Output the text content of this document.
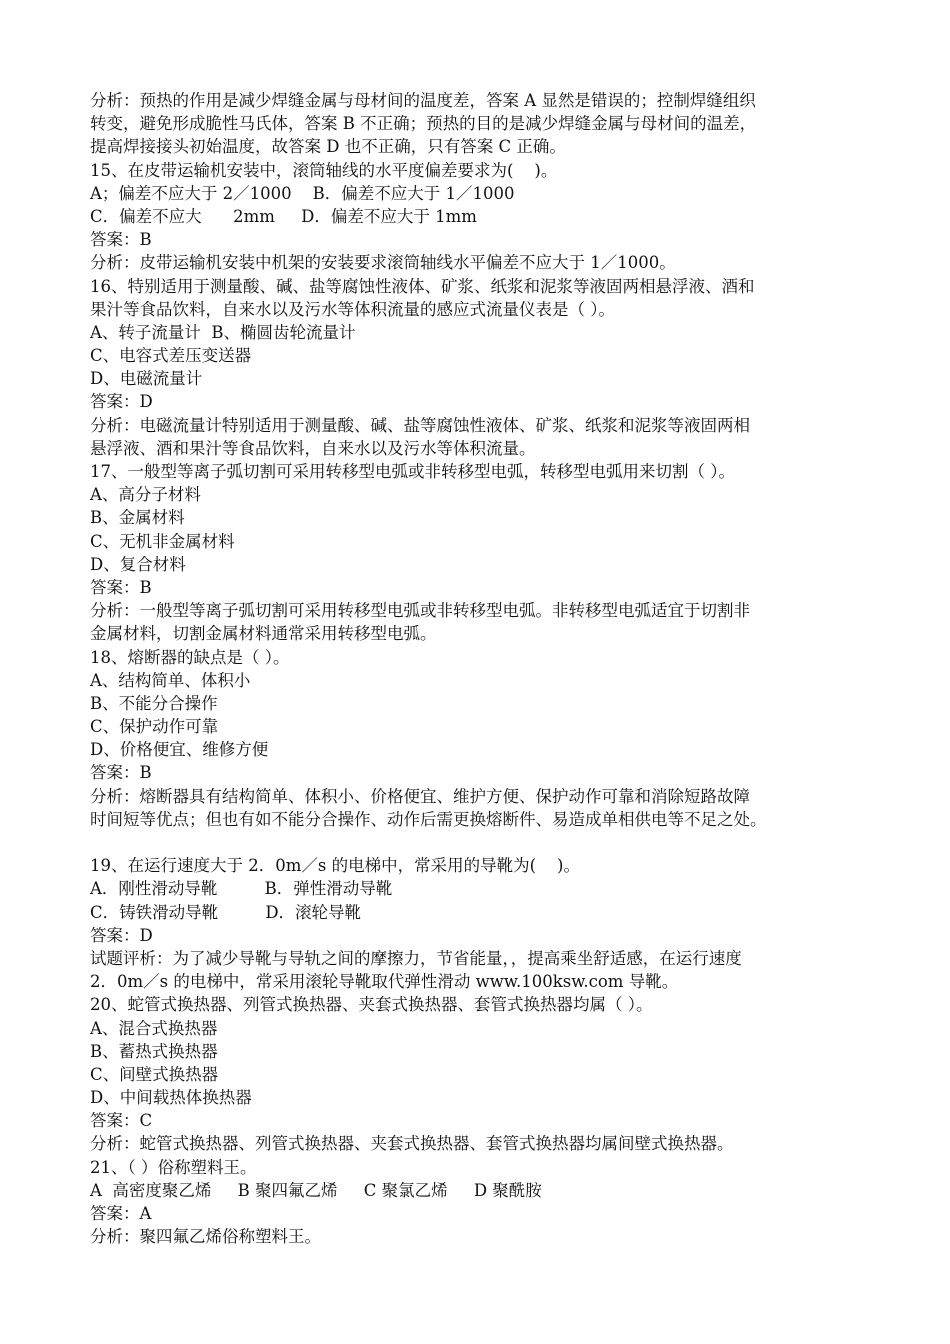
分析：预热的作用是减少焊缝金属与母材间的温度差，答案 A 显然是错误的；控制焊缝组织
转变，避免形成脆性马氏体，答案 B 不正确；预热的目的是减少焊缝金属与母材间的温差，
提高焊接接头初始温度，故答案 D 也不正确，只有答案 C 正确。
15、在皮带运输机安装中，滚筒轴线的水平度偏差要求为(    )。
A；偏差不应大于 2／1000    B．偏差不应大于 1／1000
C．偏差不应大      2mm     D．偏差不应大于 1mm
答案：B
分析：皮带运输机安装中机架的安装要求滚筒轴线水平偏差不应大于 1／1000。
16、特别适用于测量酸、碱、盐等腐蚀性液体、矿浆、纸浆和泥浆等液固两相悬浮液、酒和
果汁等食品饮料，自来水以及污水等体积流量的感应式流量仪表是（ ）。
A、转子流量计  B、椭圆齿轮流量计
C、电容式差压变送器
D、电磁流量计
答案：D
分析：电磁流量计特别适用于测量酸、碱、盐等腐蚀性液体、矿浆、纸浆和泥浆等液固两相
悬浮液、酒和果汁等食品饮料，自来水以及污水等体积流量。
17、一般型等离子弧切割可采用转移型电弧或非转移型电弧，转移型电弧用来切割（ ）。
A、高分子材料
B、金属材料
C、无机非金属材料
D、复合材料
答案：B
分析：一般型等离子弧切割可采用转移型电弧或非转移型电弧。非转移型电弧适宜于切割非
金属材料，切割金属材料通常采用转移型电弧。
18、熔断器的缺点是（ ）。
A、结构简单、体积小
B、不能分合操作
C、保护动作可靠
D、价格便宜、维修方便
答案：B
分析：熔断器具有结构简单、体积小、价格便宜、维护方便、保护动作可靠和消除短路故障
时间短等优点；但也有如不能分合操作、动作后需更换熔断件、易造成单相供电等不足之处。
19、在运行速度大于 2．0m／s 的电梯中，常采用的导靴为(    )。
A．刚性滑动导靴         B．弹性滑动导靴
C．铸铁滑动导靴         D．滚轮导靴
答案：D
试题评析：为了减少导靴与导轨之间的摩擦力，节省能量，，提高乘坐舒适感，在运行速度
2．0m／s 的电梯中，常采用滚轮导靴取代弹性滑动 www.100ksw.com 导靴。
20、蛇管式换热器、列管式换热器、夹套式换热器、套管式换热器均属（ ）。
A、混合式换热器
B、蓄热式换热器
C、间壁式换热器
D、中间载热体换热器
答案：C
分析：蛇管式换热器、列管式换热器、夹套式换热器、套管式换热器均属间壁式换热器。
21、（ ）俗称塑料王。
A  高密度聚乙烯     B 聚四氟乙烯     C 聚氯乙烯     D 聚酰胺
答案：A
分析：聚四氟乙烯俗称塑料王。
